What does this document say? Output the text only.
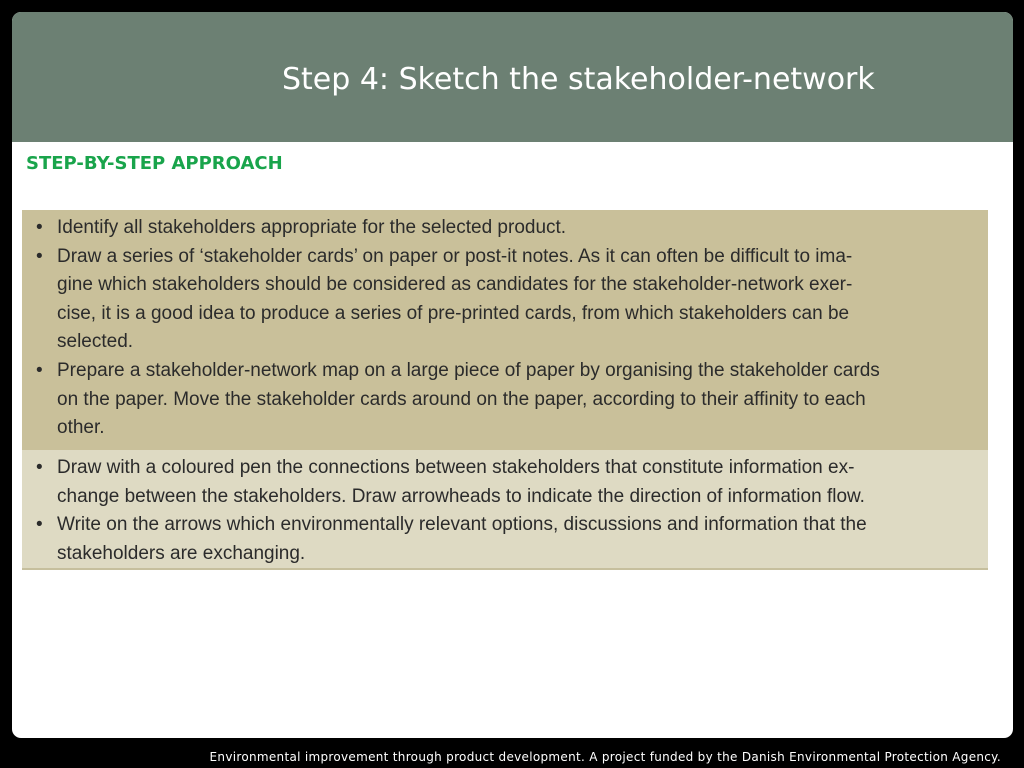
Step 4: Sketch the stakeholder-network
STEP-BY-STEP APPROACH
• Identify all stakeholders appropriate for the selected product.
• Draw a series of ‘stakeholder cards’ on paper or post-it notes. As it can often be difficult to ima-
gine which stakeholders should be considered as candidates for the stakeholder-network exer-
cise, it is a good idea to produce a series of pre-printed cards, from which stakeholders can be
selected.
• Prepare a stakeholder-network map on a large piece of paper by organising the stakeholder cards
on the paper. Move the stakeholder cards around on the paper, according to their affinity to each
other.
• Draw with a coloured pen the connections between stakeholders that constitute information ex-
change between the stakeholders. Draw arrowheads to indicate the direction of information flow.
• Write on the arrows which environmentally relevant options, discussions and information that the
stakeholders are exchanging.
Environmental improvement through product development. A project funded by the Danish Environmental Protection Agency.
